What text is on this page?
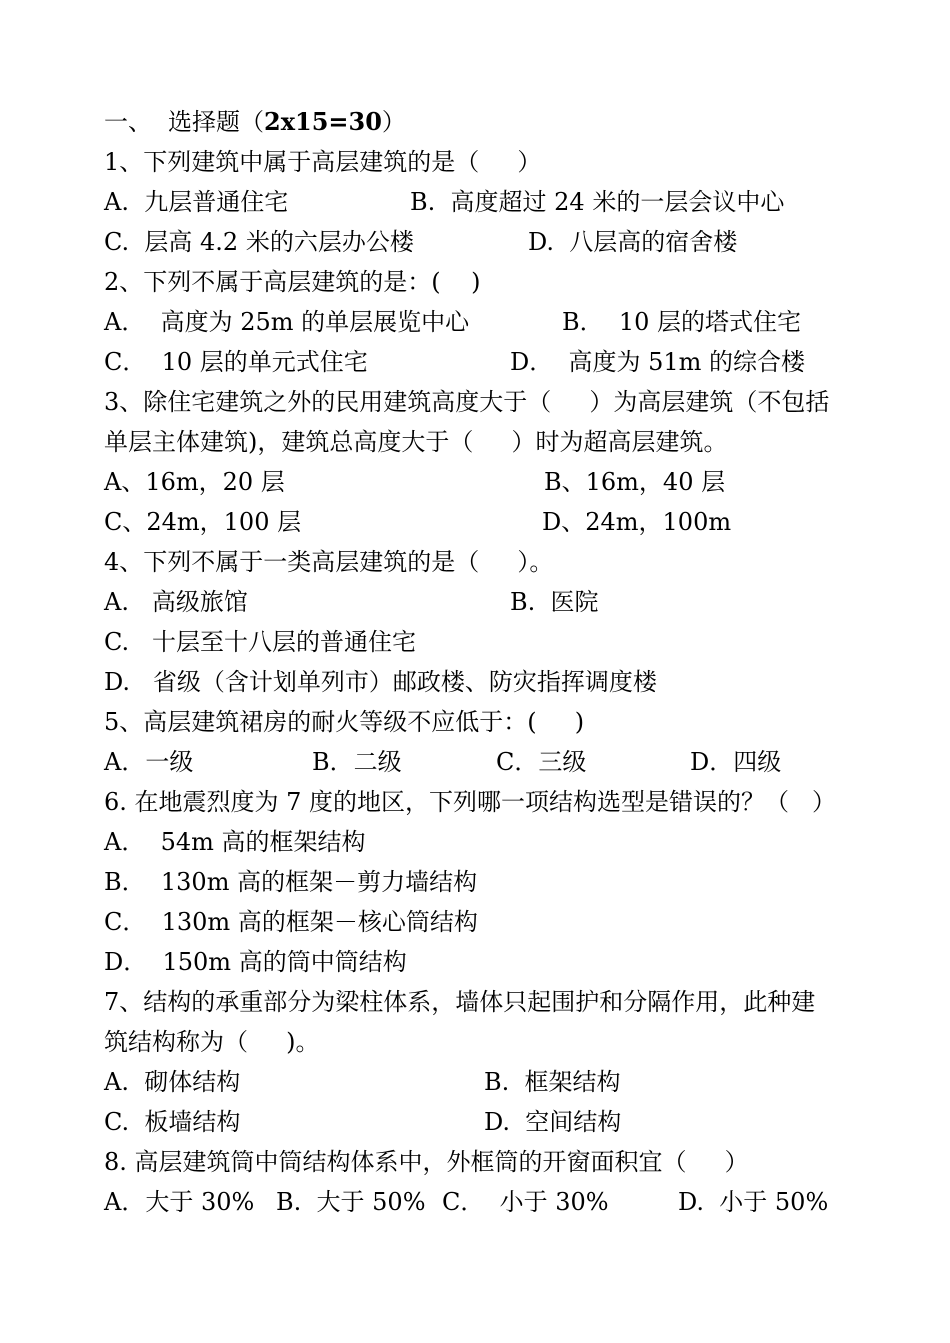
一、 选择题（2x15=30）
1、下列建筑中属于高层建筑的是（     ）
A.  九层普通住宅	B.  高度超过 24 米的一层会议中心
C.  层高 4.2 米的六层办公楼	D.  八层高的宿舍楼
2、下列不属于高层建筑的是：(    )
A．  高度为 25m 的单层展览中心	B．  10 层的塔式住宅
C．  10 层的单元式住宅	D．  高度为 51m 的综合楼
3、除住宅建筑之外的民用建筑高度大于（     ）为高层建筑（不包括
单层主体建筑)，建筑总高度大于（     ）时为超高层建筑。
A、16m，20 层	B、16m，40 层
C、24m，100 层	D、24m，100m
4、下列不属于一类高层建筑的是（     ）。
A.   高级旅馆	B.  医院
C.   十层至十八层的普通住宅
D.   省级（含计划单列市）邮政楼、防灾指挥调度楼
5、高层建筑裙房的耐火等级不应低于：(     )
A．一级	B．二级	C．三级	D．四级
6. 在地震烈度为 7 度的地区，下列哪一项结构选型是错误的？（   ）
A．  54m 高的框架结构
B．  130m 高的框架－剪力墙结构
C．  130m 高的框架－核心筒结构
D．  150m 高的筒中筒结构
7、结构的承重部分为梁柱体系，墙体只起围护和分隔作用，此种建
筑结构称为（     )。
A.  砌体结构	B.  框架结构
C.  板墙结构	D.  空间结构
8. 高层建筑筒中筒结构体系中，外框筒的开窗面积宜（     ）
A．大于 30% B.  大于 50% C．  小于 30%	D.  小于 50%
